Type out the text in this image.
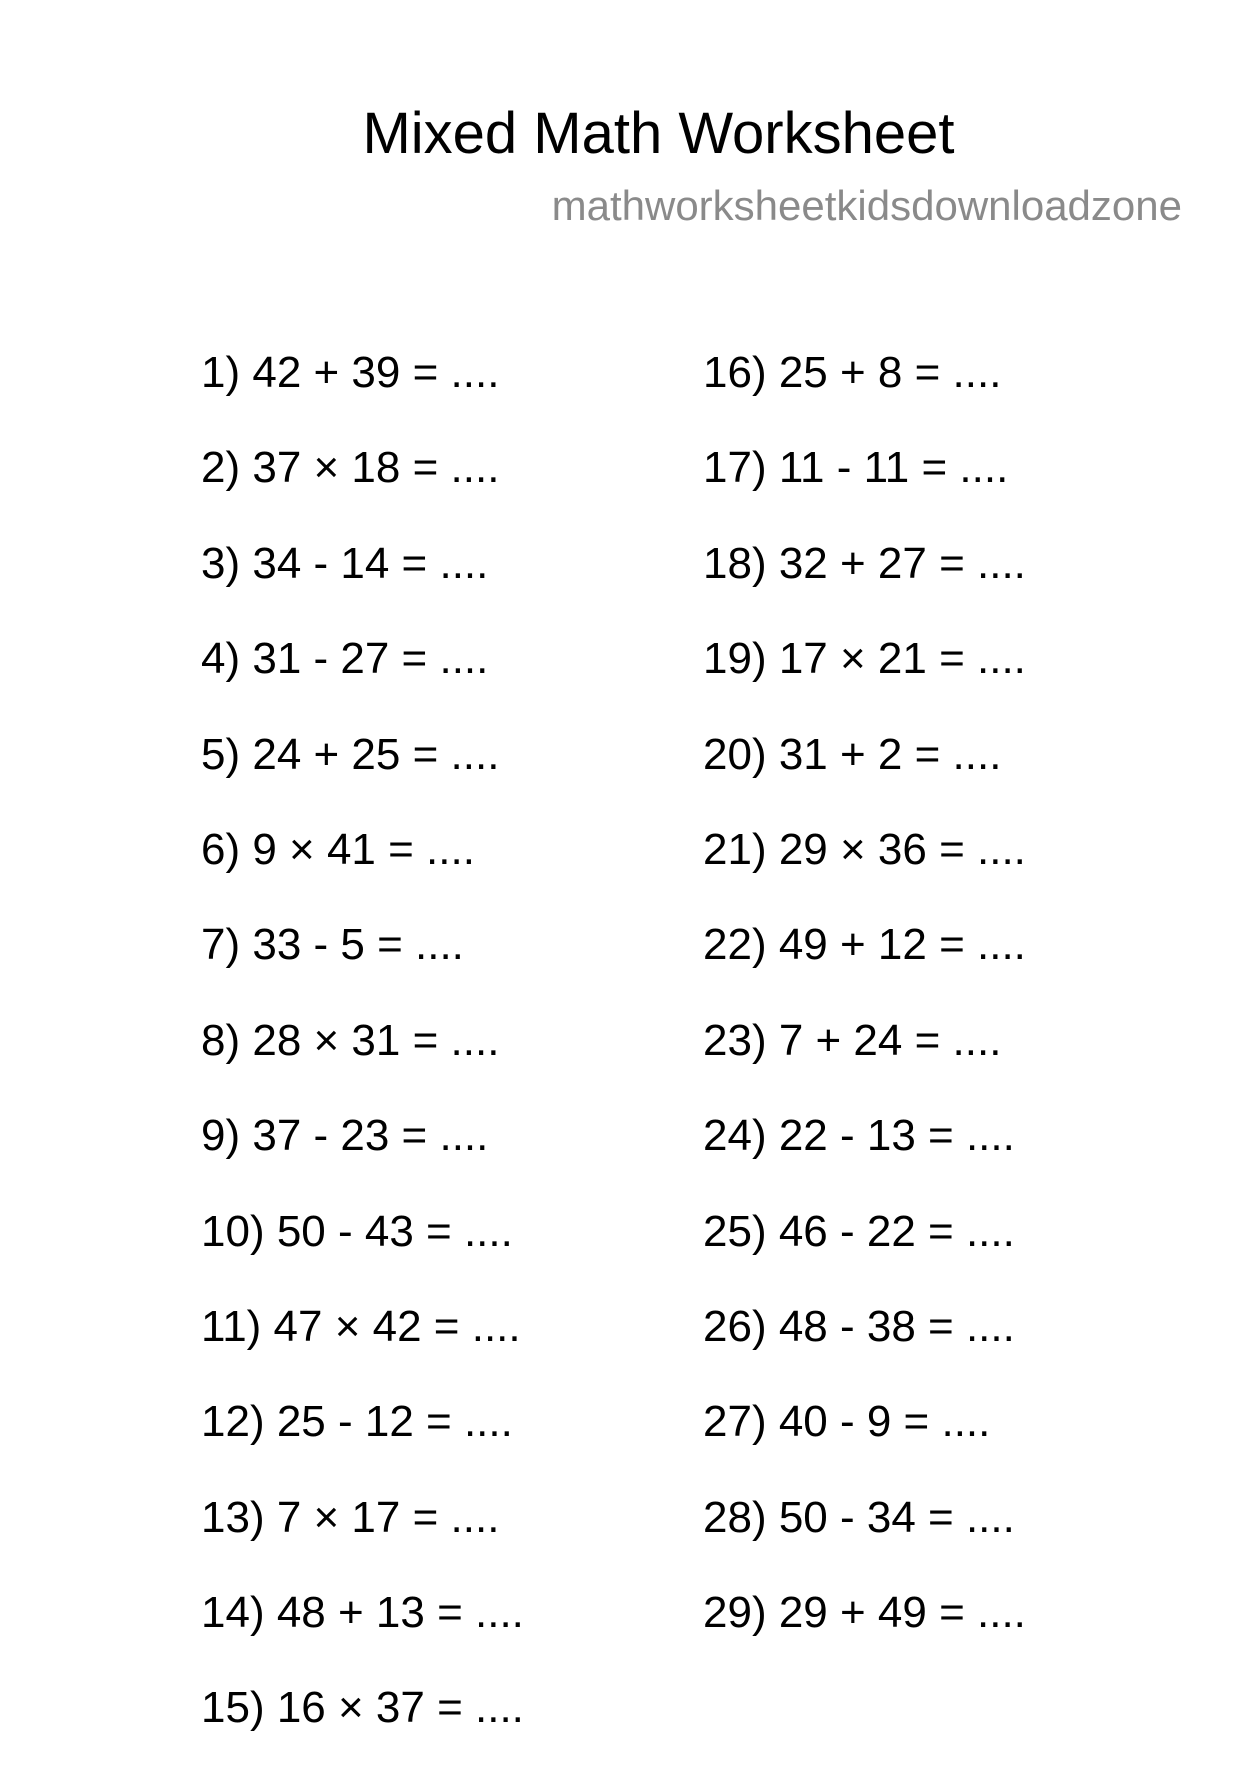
Mixed Math Worksheet
mathworksheetkidsdownloadzone
1) 42 + 39 = ....
2) 37 × 18 = ....
3) 34 - 14 = ....
4) 31 - 27 = ....
5) 24 + 25 = ....
6) 9 × 41 = ....
7) 33 - 5 = ....
8) 28 × 31 = ....
9) 37 - 23 = ....
10) 50 - 43 = ....
11) 47 × 42 = ....
12) 25 - 12 = ....
13) 7 × 17 = ....
14) 48 + 13 = ....
15) 16 × 37 = ....
16) 25 + 8 = ....
17) 11 - 11 = ....
18) 32 + 27 = ....
19) 17 × 21 = ....
20) 31 + 2 = ....
21) 29 × 36 = ....
22) 49 + 12 = ....
23) 7 + 24 = ....
24) 22 - 13 = ....
25) 46 - 22 = ....
26) 48 - 38 = ....
27) 40 - 9 = ....
28) 50 - 34 = ....
29) 29 + 49 = ....
